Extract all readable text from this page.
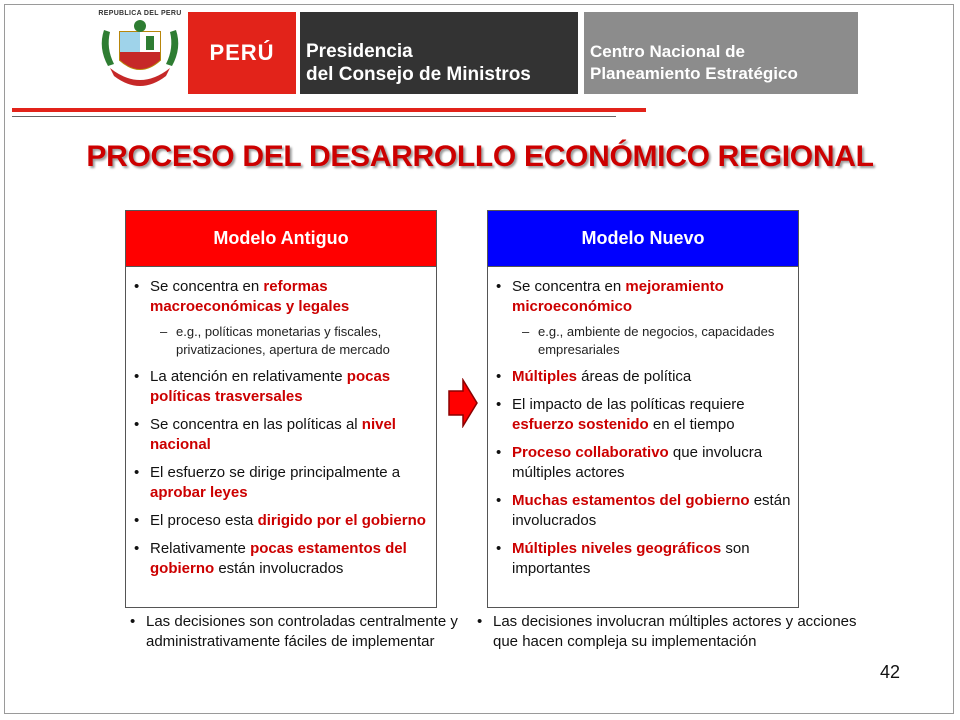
REPUBLICA DEL PERU
PERÚ	Presidencia
del Consejo de Ministros
Centro Nacional de
Planeamiento Estratégico
PROCESO DEL DESARROLLO ECONÓMICO REGIONAL
Modelo Antiguo
• Se concentra en reformas macroeconómicas y legales
– e.g., políticas monetarias y fiscales, privatizaciones, apertura de mercado
• La atención en relativamente pocas políticas trasversales
• Se concentra en las políticas al nivel nacional
• El esfuerzo se dirige principalmente a aprobar leyes
• El proceso esta dirigido por el gobierno
• Relativamente pocas estamentos del gobierno están involucrados
Modelo Nuevo
• Se concentra en mejoramiento microeconómico
– e.g., ambiente de negocios, capacidades empresariales
• Múltiples áreas de política
• El impacto de las políticas requiere esfuerzo sostenido en el tiempo
• Proceso collaborativo que involucra múltiples actores
• Muchas estamentos del gobierno están involucrados
• Múltiples niveles geográficos son importantes
• Las decisiones son controladas centralmente y administrativamente fáciles de implementar
• Las decisiones involucran múltiples actores y acciones que hacen compleja su implementación
42
